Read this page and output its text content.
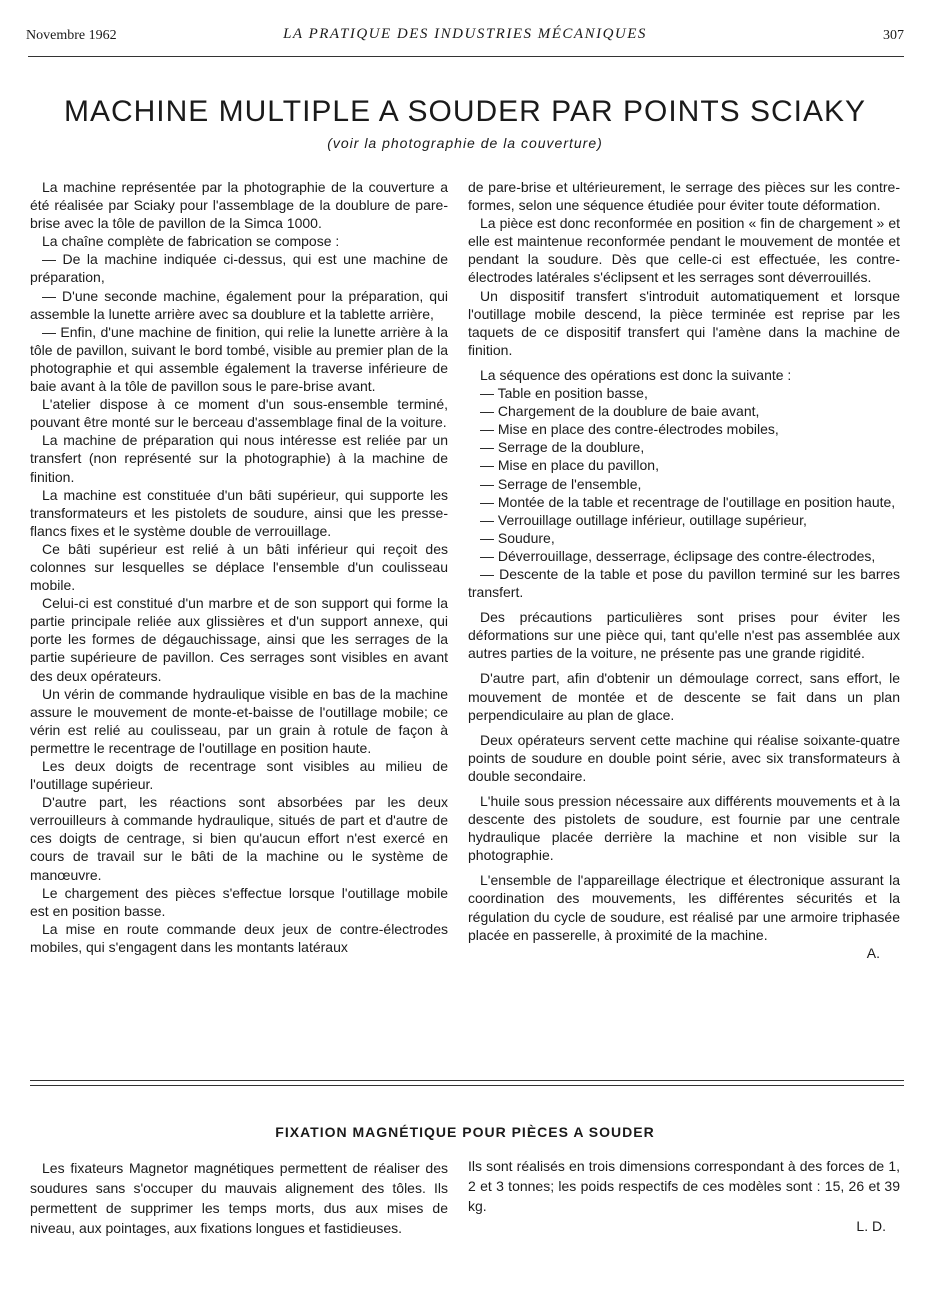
Novembre 1962	LA PRATIQUE DES INDUSTRIES MÉCANIQUES	307
MACHINE MULTIPLE A SOUDER PAR POINTS SCIAKY
(voir la photographie de la couverture)

La machine représentée par la photographie de la couverture a été réalisée par Sciaky pour l'assemblage de la doublure de pare-brise avec la tôle de pavillon de la Simca 1000.

La chaîne complète de fabrication se compose :

— De la machine indiquée ci-dessus, qui est une machine de préparation,

— D'une seconde machine, également pour la préparation, qui assemble la lunette arrière avec sa doublure et la tablette arrière,

— Enfin, d'une machine de finition, qui relie la lunette arrière à la tôle de pavillon, suivant le bord tombé, visible au premier plan de la photographie et qui assemble également la traverse inférieure de baie avant à la tôle de pavillon sous le pare-brise avant.

L'atelier dispose à ce moment d'un sous-ensemble terminé, pouvant être monté sur le berceau d'assemblage final de la voiture.

La machine de préparation qui nous intéresse est reliée par un transfert (non représenté sur la photographie) à la machine de finition.

La machine est constituée d'un bâti supérieur, qui supporte les transformateurs et les pistolets de soudure, ainsi que les presse-flancs fixes et le système double de verrouillage.

Ce bâti supérieur est relié à un bâti inférieur qui reçoit des colonnes sur lesquelles se déplace l'ensemble d'un coulisseau mobile.

Celui-ci est constitué d'un marbre et de son support qui forme la partie principale reliée aux glissières et d'un support annexe, qui porte les formes de dégauchissage, ainsi que les serrages de la partie supérieure de pavillon. Ces serrages sont visibles en avant des deux opérateurs.

Un vérin de commande hydraulique visible en bas de la machine assure le mouvement de monte-et-baisse de l'outillage mobile; ce vérin est relié au coulisseau, par un grain à rotule de façon à permettre le recentrage de l'outillage en position haute.

Les deux doigts de recentrage sont visibles au milieu de l'outillage supérieur.

D'autre part, les réactions sont absorbées par les deux verrouilleurs à commande hydraulique, situés de part et d'autre de ces doigts de centrage, si bien qu'aucun effort n'est exercé en cours de travail sur le bâti de la machine ou le système de manœuvre.

Le chargement des pièces s'effectue lorsque l'outillage mobile est en position basse.

La mise en route commande deux jeux de contre-électrodes mobiles, qui s'engagent dans les montants latéraux

de pare-brise et ultérieurement, le serrage des pièces sur les contre-formes, selon une séquence étudiée pour éviter toute déformation.

La pièce est donc reconformée en position « fin de chargement » et elle est maintenue reconformée pendant le mouvement de montée et pendant la soudure. Dès que celle-ci est effectuée, les contre-électrodes latérales s'éclipsent et les serrages sont déverrouillés.

Un dispositif transfert s'introduit automatiquement et lorsque l'outillage mobile descend, la pièce terminée est reprise par les taquets de ce dispositif transfert qui l'amène dans la machine de finition.

La séquence des opérations est donc la suivante :

— Table en position basse,

— Chargement de la doublure de baie avant,

— Mise en place des contre-électrodes mobiles,

— Serrage de la doublure,

— Mise en place du pavillon,

— Serrage de l'ensemble,

— Montée de la table et recentrage de l'outillage en position haute,

— Verrouillage outillage inférieur, outillage supérieur,

— Soudure,

— Déverrouillage, desserrage, éclipsage des contre-électrodes,

— Descente de la table et pose du pavillon terminé sur les barres transfert.

Des précautions particulières sont prises pour éviter les déformations sur une pièce qui, tant qu'elle n'est pas assemblée aux autres parties de la voiture, ne présente pas une grande rigidité.

D'autre part, afin d'obtenir un démoulage correct, sans effort, le mouvement de montée et de descente se fait dans un plan perpendiculaire au plan de glace.

Deux opérateurs servent cette machine qui réalise soixante-quatre points de soudure en double point série, avec six transformateurs à double secondaire.

L'huile sous pression nécessaire aux différents mouvements et à la descente des pistolets de soudure, est fournie par une centrale hydraulique placée derrière la machine et non visible sur la photographie.

L'ensemble de l'appareillage électrique et électronique assurant la coordination des mouvements, les différentes sécurités et la régulation du cycle de soudure, est réalisé par une armoire triphasée placée en passerelle, à proximité de la machine.

A.

FIXATION MAGNÉTIQUE POUR PIÈCES A SOUDER

Les fixateurs Magnetor magnétiques permettent de réaliser des soudures sans s'occuper du mauvais alignement des tôles. Ils permettent de supprimer les temps morts, dus aux mises de niveau, aux pointages, aux fixations longues et fastidieuses.

Ils sont réalisés en trois dimensions correspondant à des forces de 1, 2 et 3 tonnes; les poids respectifs de ces modèles sont : 15, 26 et 39 kg.

L. D.
